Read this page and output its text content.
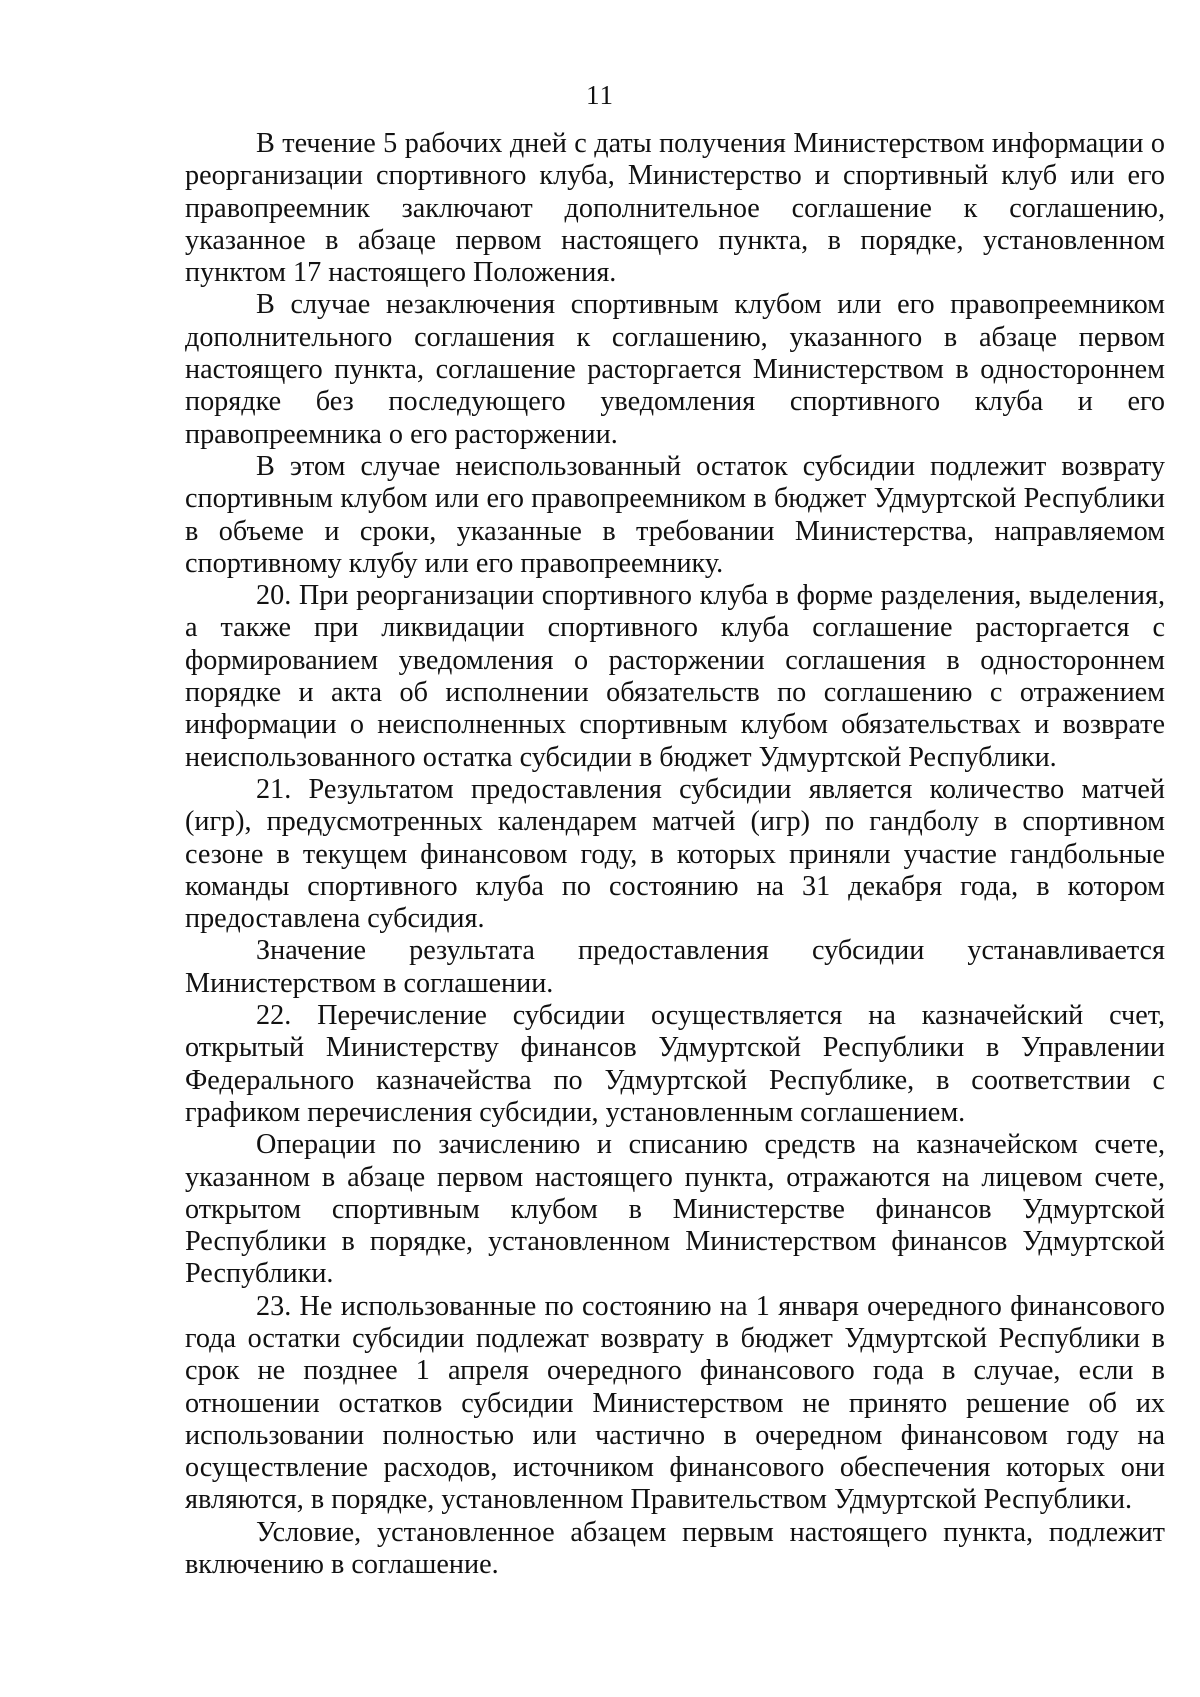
11

В течение 5 рабочих дней с даты получения Министерством информации о реорганизации спортивного клуба, Министерство и спортивный клуб или его правопреемник заключают дополнительное соглашение к соглашению, указанное в абзаце первом настоящего пункта, в порядке, установленном пунктом 17 настоящего Положения.

В случае незаключения спортивным клубом или его правопреемником дополнительного соглашения к соглашению, указанного в абзаце первом настоящего пункта, соглашение расторгается Министерством в одностороннем порядке без последующего уведомления спортивного клуба и его правопреемника о его расторжении.

В этом случае неиспользованный остаток субсидии подлежит возврату спортивным клубом или его правопреемником в бюджет Удмуртской Республики в объеме и сроки, указанные в требовании Министерства, направляемом спортивному клубу или его правопреемнику.

20. При реорганизации спортивного клуба в форме разделения, выделения, а также при ликвидации спортивного клуба соглашение расторгается с формированием уведомления о расторжении соглашения в одностороннем порядке и акта об исполнении обязательств по соглашению с отражением информации о неисполненных спортивным клубом обязательствах и возврате неиспользованного остатка субсидии в бюджет Удмуртской Республики.

21. Результатом предоставления субсидии является количество матчей (игр), предусмотренных календарем матчей (игр) по гандболу в спортивном сезоне в текущем финансовом году, в которых приняли участие гандбольные команды спортивного клуба по состоянию на 31 декабря года, в котором предоставлена субсидия.

Значение результата предоставления субсидии устанавливается Министерством в соглашении.

22. Перечисление субсидии осуществляется на казначейский счет, открытый Министерству финансов Удмуртской Республики в Управлении Федерального казначейства по Удмуртской Республике, в соответствии с графиком перечисления субсидии, установленным соглашением.

Операции по зачислению и списанию средств на казначейском счете, указанном в абзаце первом настоящего пункта, отражаются на лицевом счете, открытом спортивным клубом в Министерстве финансов Удмуртской Республики в порядке, установленном Министерством финансов Удмуртской Республики.

23. Не использованные по состоянию на 1 января очередного финансового года остатки субсидии подлежат возврату в бюджет Удмуртской Республики в срок не позднее 1 апреля очередного финансового года в случае, если в отношении остатков субсидии Министерством не принято решение об их использовании полностью или частично в очередном финансовом году на осуществление расходов, источником финансового обеспечения которых они являются, в порядке, установленном Правительством Удмуртской Республики.

Условие, установленное абзацем первым настоящего пункта, подлежит включению в соглашение.
